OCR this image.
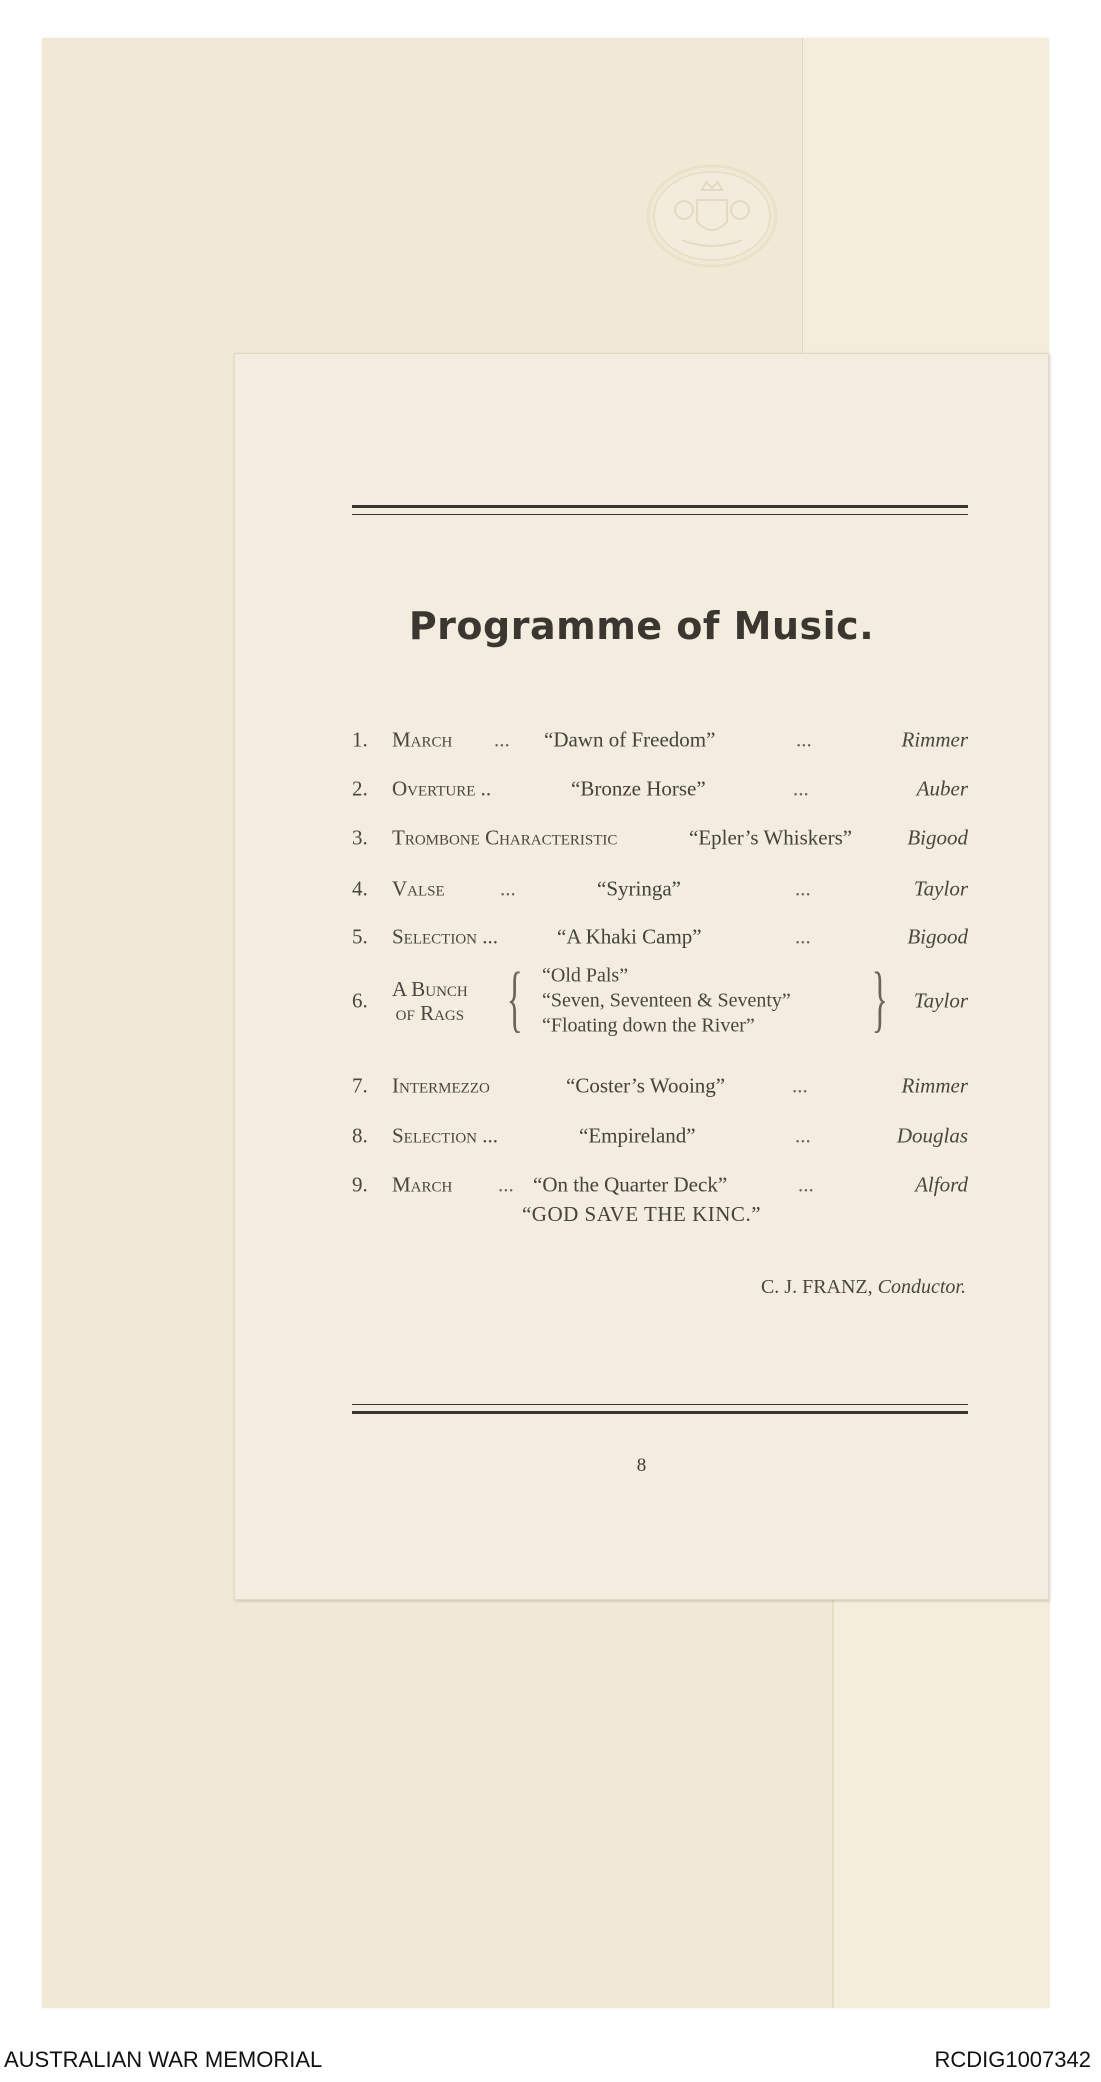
Programme of Music.
1. March ... “Dawn of Freedom”	...	Rimmer
2. Overture ..	“Bronze Horse”	...	Auber
3. Trombone Characteristic	“Epler’s Whiskers”	Bigood
4. Valse	...	“Syringa”	...	Taylor
5. Selection ...	“A Khaki Camp”	...	Bigood
6. A Bunch
of Rags { “Old Pals”
“Seven, Seventeen & Seventy”
“Floating down the River”	} Taylor
7. Intermezzo	“Coster’s Wooing”	...	Rimmer
8. Selection ...	“Empireland”	...	Douglas
9. March ... “On the Quarter Deck”	...	Alford
“GOD SAVE THE KINC.”
C. J. FRANZ, Conductor.
8
AUSTRALIAN WAR MEMORIAL	RCDIG1007342
